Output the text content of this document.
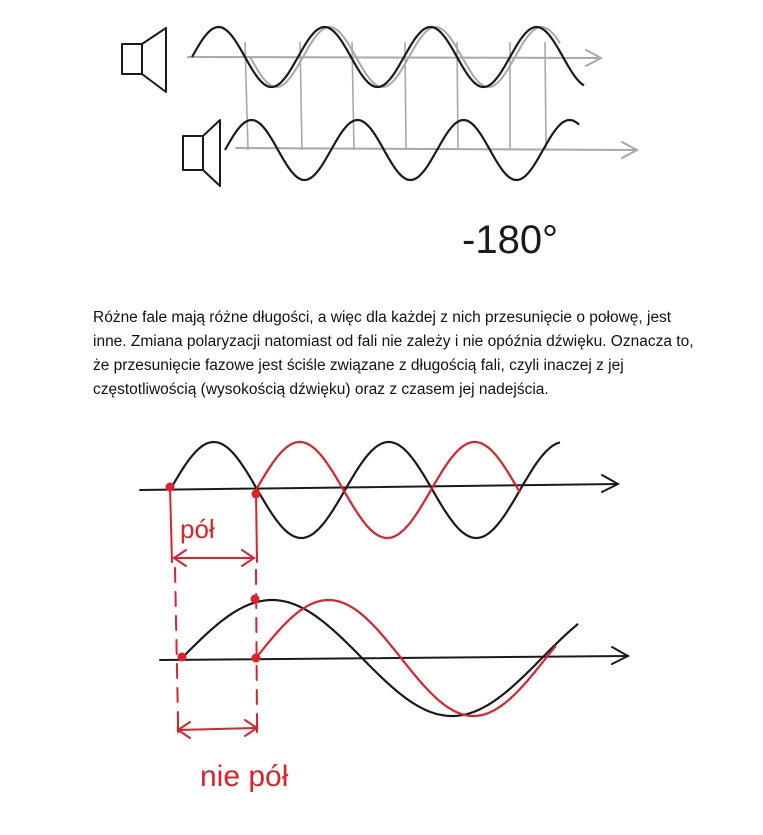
-180°
Różne fale mają różne długości, a więc dla każdej z nich przesunięcie o połowę, jest
inne. Zmiana polaryzacji natomiast od fali nie zależy i nie opóźnia dźwięku. Oznacza to,
że przesunięcie fazowe jest ściśle związane z długością fali, czyli inaczej z jej
częstotliwością (wysokością dźwięku) oraz z czasem jej nadejścia.
pół
nie pół
